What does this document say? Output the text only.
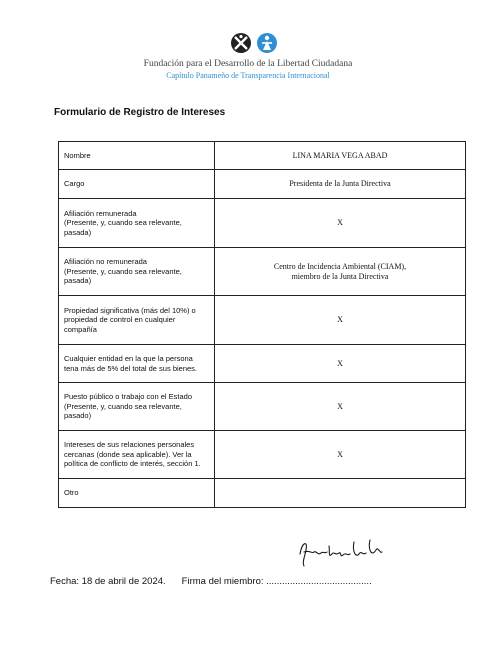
Fundación para el Desarrollo de la Libertad Ciudadana
Capítulo Panameño de Transparencia Internacional
Formulario de Registro de Intereses
Nombre	LINA MARIA VEGA ABAD
Cargo	Presidenta de la Junta Directiva
Afiliación remunerada
(Presente, y, cuando sea relevante, pasada)	X
Afiliación no remunerada
(Presente, y, cuando sea relevante, pasada)	Centro de Incidencia Ambiental (CIAM),
miembro de la Junta Directiva
Propiedad significativa (más del 10%) o propiedad de control en cualquier compañía	X
Cualquier entidad en la que la persona tena más de 5% del total de sus bienes.	X
Puesto público o trabajo con el Estado (Presente, y, cuando sea relevante, pasado)	X
Intereses de sus relaciones personales cercanas (donde sea aplicable). Ver la política de conflicto de interés, sección 1.	X
Otro	
Fecha: 18 de abril de 2024. Firma del miembro: ........................................
